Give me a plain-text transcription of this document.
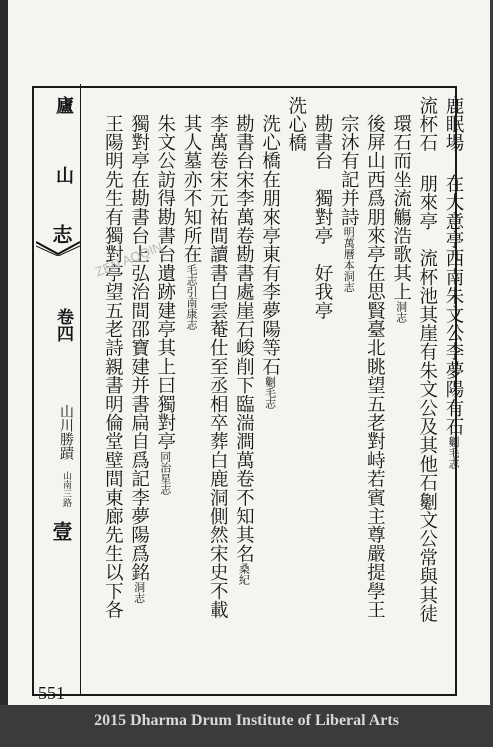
廬
山
志
卷四
山川勝蹟 山南三路
壹
鹿眠場在大意亭西南朱文公李夢陽有石劖毛志
流杯石朋來亭　流杯池其崖有朱文公及其他石劖文公常與其徒
環石而坐流觴浩歌其上洞志
後屏山西爲朋來亭在思賢臺北眺望五老對峙若賓主尊嚴提學王
宗沐有記并詩明萬曆本洞志
勘書台　獨對亭　好我亭
洗心橋
洗心橋在朋來亭東有李夢陽等石劖毛志
勘書台宋李萬卷勘書處崖石峻削下臨湍澗萬卷不知其名桑紀
李萬卷宋元祐間讀書白雲菴仕至丞相卒葬白鹿洞側然宋史不載
其人墓亦不知所在毛志引南康志
朱文公訪得勘書台遺跡建亭其上曰獨對亭同治星志
獨對亭在勘書台上弘治間邵寶建并書扁自爲記李夢陽爲銘洞志
王陽明先生有獨對亭望五老詩親書明倫堂壁間東廊先生以下各
ZEN AOQIN
551
2015 Dharma Drum Institute of Liberal Arts
